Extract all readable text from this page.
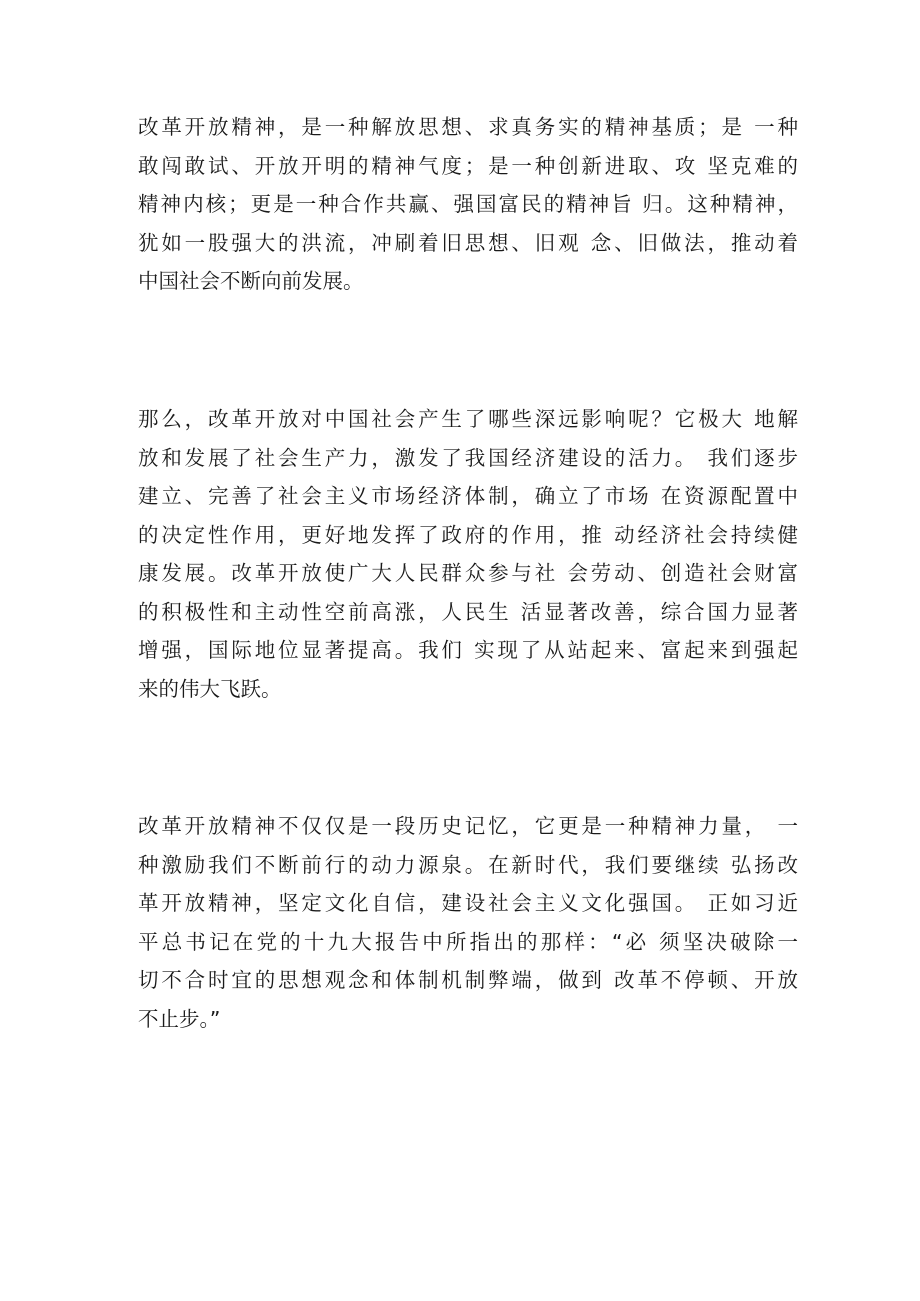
改革开放精神，是一种解放思想、求真务实的精神基质；是 一种
敢闯敢试、开放开明的精神气度；是一种创新进取、攻 坚克难的
精神内核；更是一种合作共赢、强国富民的精神旨 归。这种精神，
犹如一股强大的洪流，冲刷着旧思想、旧观 念、旧做法，推动着
中国社会不断向前发展。
那么，改革开放对中国社会产生了哪些深远影响呢？它极大 地解
放和发展了社会生产力，激发了我国经济建设的活力。 我们逐步
建立、完善了社会主义市场经济体制，确立了市场 在资源配置中
的决定性作用，更好地发挥了政府的作用，推 动经济社会持续健
康发展。改革开放使广大人民群众参与社 会劳动、创造社会财富
的积极性和主动性空前高涨，人民生 活显著改善，综合国力显著
增强，国际地位显著提高。我们 实现了从站起来、富起来到强起
来的伟大飞跃。
改革开放精神不仅仅是一段历史记忆，它更是一种精神力量， 一
种激励我们不断前行的动力源泉。在新时代，我们要继续 弘扬改
革开放精神，坚定文化自信，建设社会主义文化强国。 正如习近
平总书记在党的十九大报告中所指出的那样：“必 须坚决破除一
切不合时宜的思想观念和体制机制弊端，做到 改革不停顿、开放
不止步。”
